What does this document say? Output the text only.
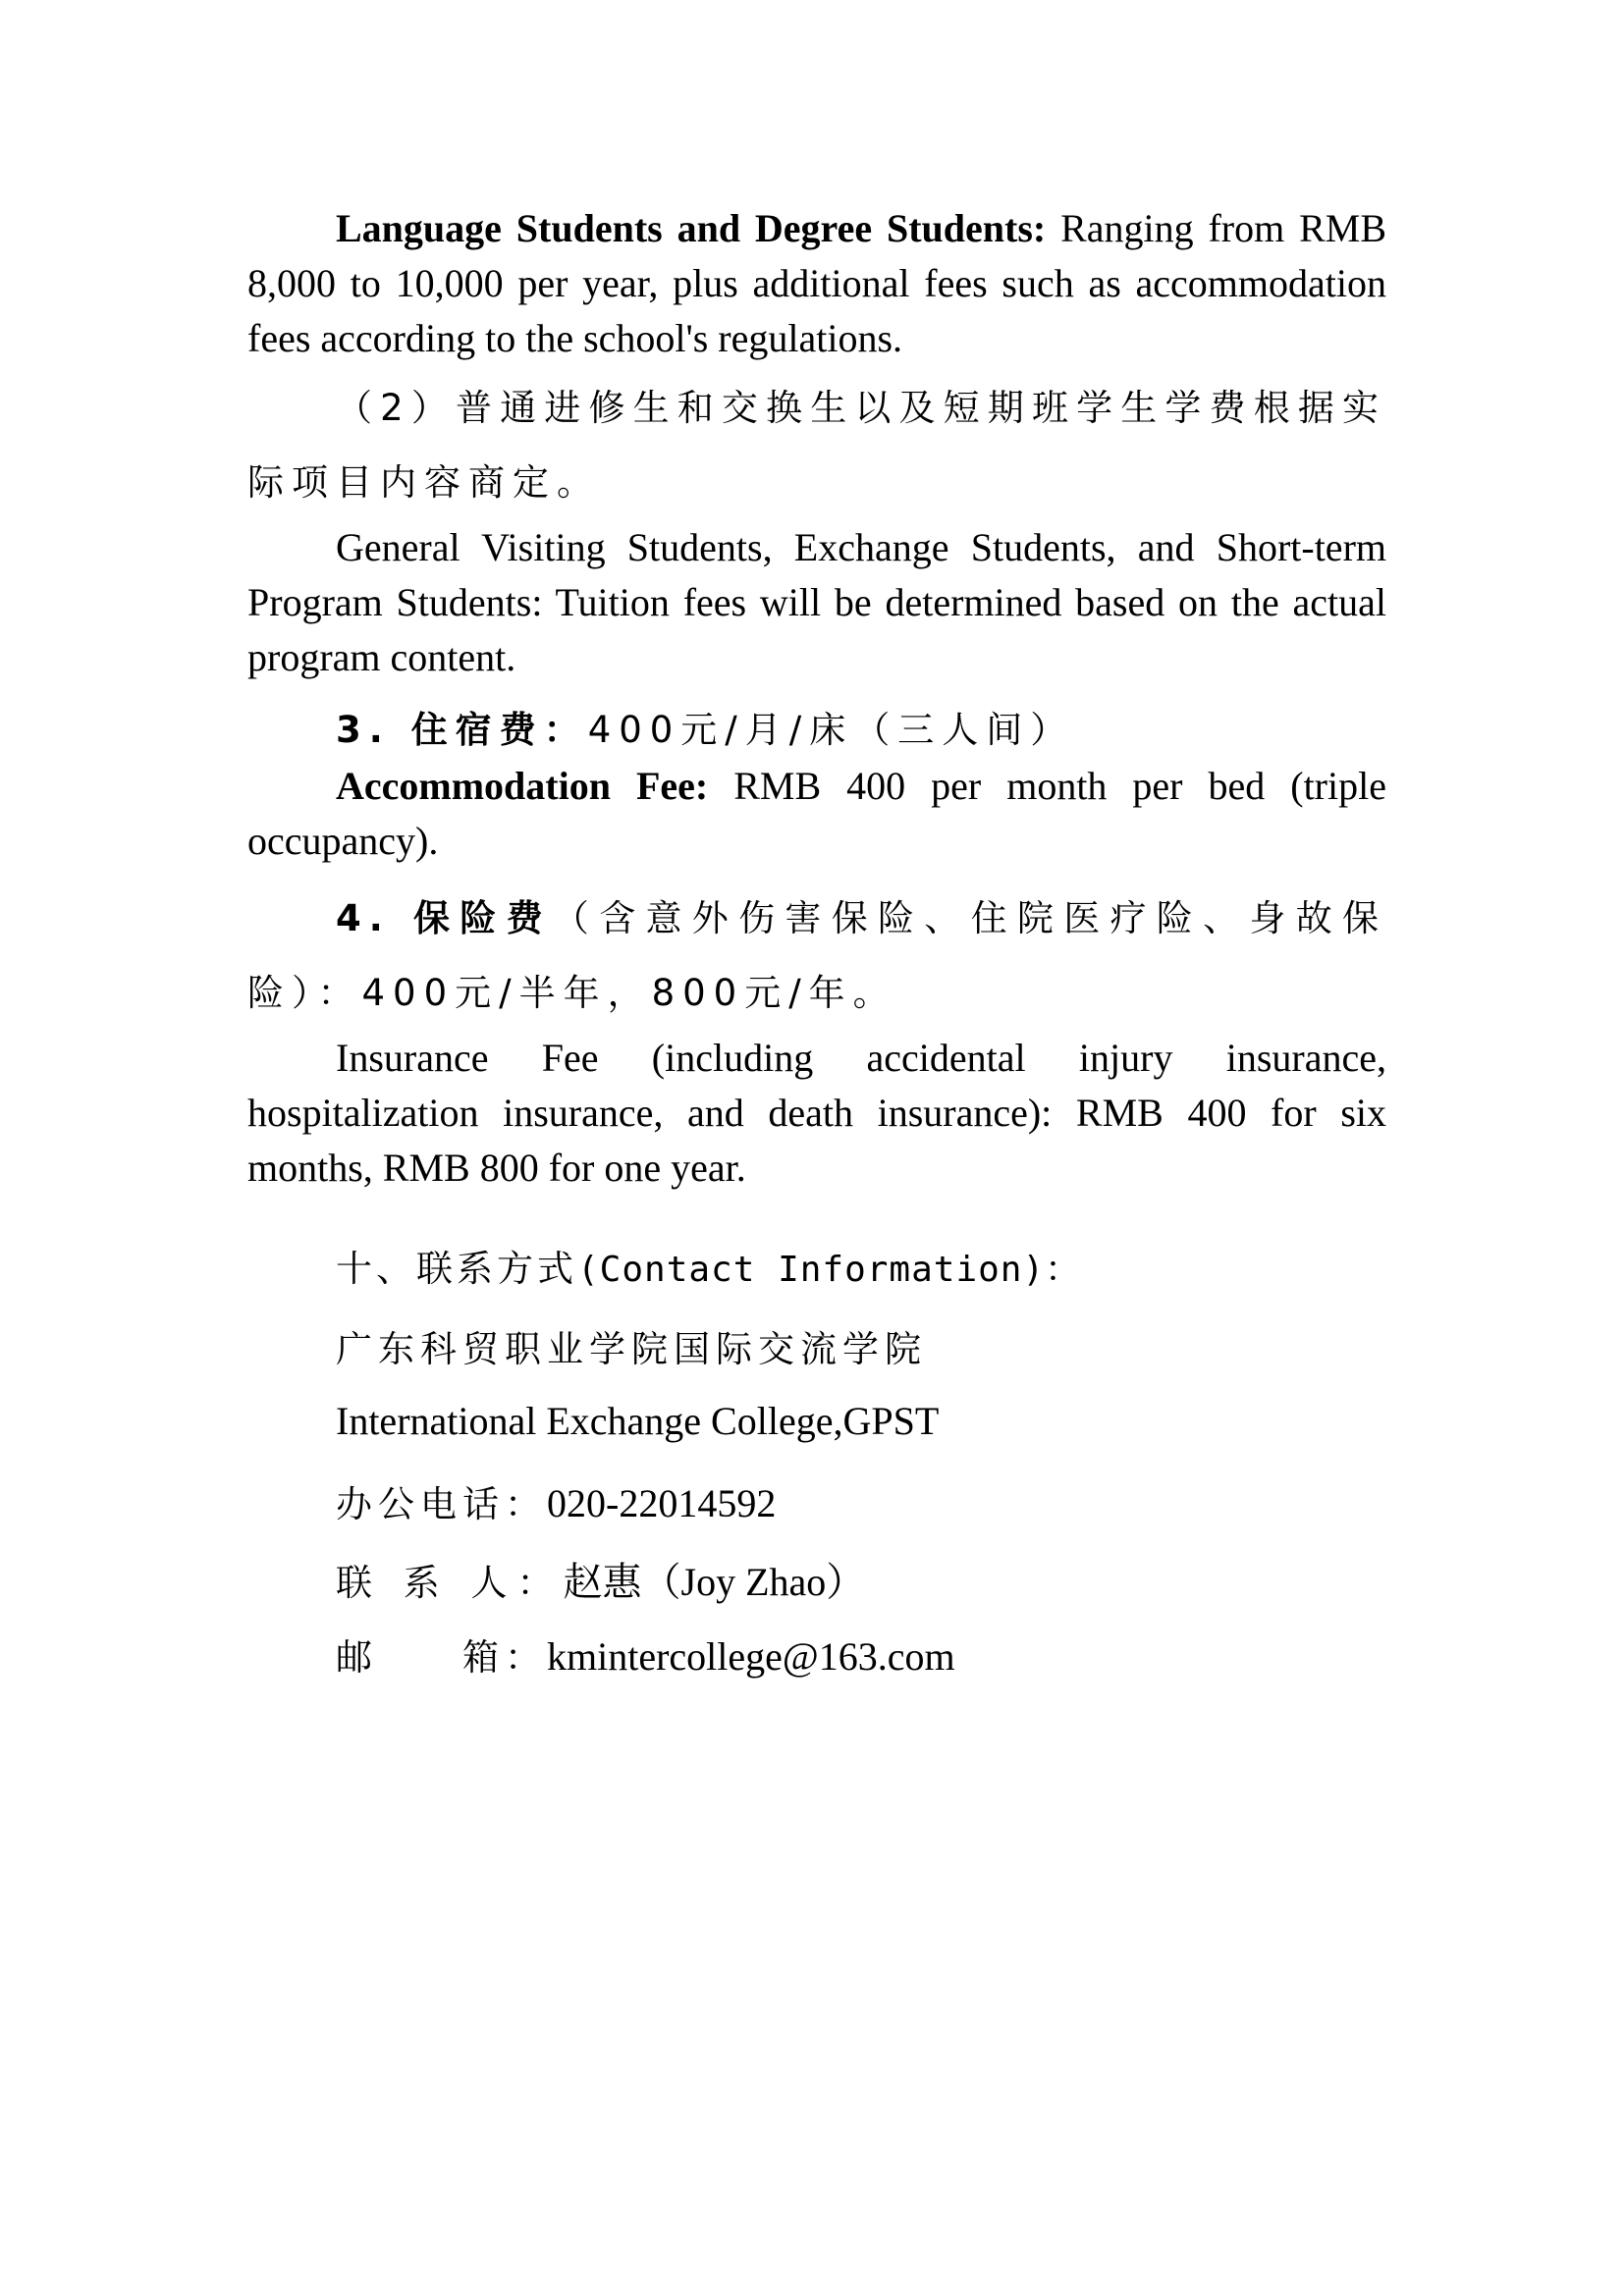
Language Students and Degree Students: Ranging from RMB 8,000 to 10,000 per year, plus additional fees such as accommodation fees according to the school's regulations.

（2）普通进修生和交换生以及短期班学生学费根据实际项目内容商定。

General Visiting Students, Exchange Students, and Short-term Program Students: Tuition fees will be determined based on the actual program content.

3. 住宿费：400元/月/床（三人间）

Accommodation Fee: RMB 400 per month per bed (triple occupancy).

4. 保险费（含意外伤害保险、住院医疗险、身故保险）：400元/半年，800元/年。

Insurance Fee (including accidental injury insurance, hospitalization insurance, and death insurance): RMB 400 for six months, RMB 800 for one year.

十、联系方式(Contact Information)：

广东科贸职业学院国际交流学院

International Exchange College,GPST

办公电话：020-22014592

联 系 人：赵惠（Joy Zhao）

邮　　箱：kmintercollege@163.com
